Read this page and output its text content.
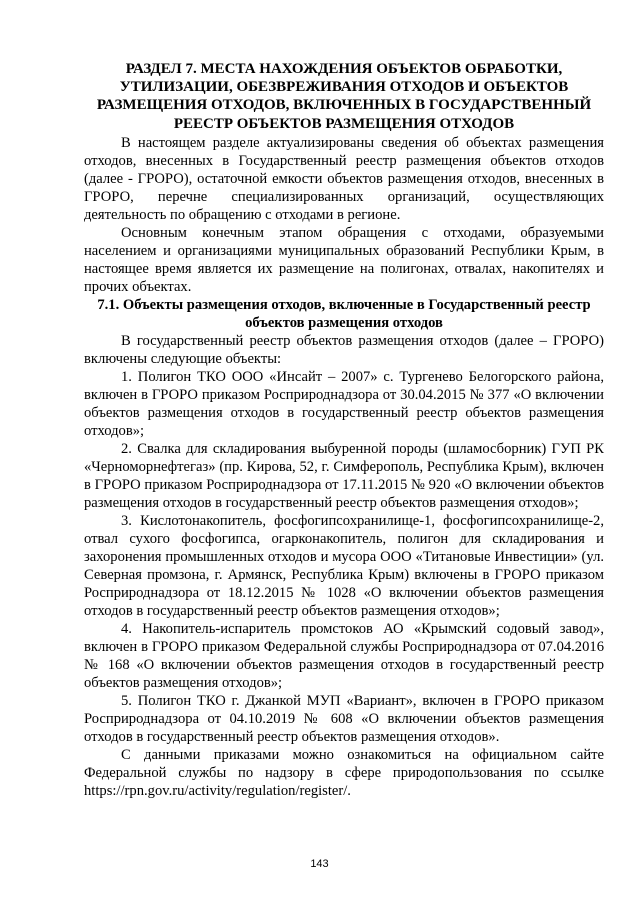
РАЗДЕЛ 7. МЕСТА НАХОЖДЕНИЯ ОБЪЕКТОВ ОБРАБОТКИ, УТИЛИЗАЦИИ, ОБЕЗВРЕЖИВАНИЯ ОТХОДОВ И ОБЪЕКТОВ РАЗМЕЩЕНИЯ ОТХОДОВ, ВКЛЮЧЕННЫХ В ГОСУДАРСТВЕННЫЙ РЕЕСТР ОБЪЕКТОВ РАЗМЕЩЕНИЯ ОТХОДОВ

В настоящем разделе актуализированы сведения об объектах размещения отходов, внесенных в Государственный реестр размещения объектов отходов (далее - ГРОРО), остаточной емкости объектов размещения отходов, внесенных в ГРОРО, перечне специализированных организаций, осуществляющих деятельность по обращению с отходами в регионе.

Основным конечным этапом обращения с отходами, образуемыми населением и организациями муниципальных образований Республики Крым, в настоящее время является их размещение на полигонах, отвалах, накопителях и прочих объектах.

7.1. Объекты размещения отходов, включенные в Государственный реестр объектов размещения отходов

В государственный реестр объектов размещения отходов (далее – ГРОРО) включены следующие объекты:

1. Полигон ТКО ООО «Инсайт – 2007» с. Тургенево Белогорского района, включен в ГРОРО приказом Росприроднадзора от 30.04.2015 № 377 «О включении объектов размещения отходов в государственный реестр объектов размещения отходов»;

2. Свалка для складирования выбуренной породы (шламосборник) ГУП РК «Черноморнефтегаз» (пр. Кирова, 52, г. Симферополь, Республика Крым), включен в ГРОРО приказом Росприроднадзора от 17.11.2015 № 920 «О включении объектов размещения отходов в государственный реестр объектов размещения отходов»;

3. Кислотонакопитель, фосфогипсохранилище-1, фосфогипсохранилище-2, отвал сухого фосфогипса, огарконакопитель, полигон для складирования и захоронения промышленных отходов и мусора ООО «Титановые Инвестиции» (ул. Северная промзона, г. Армянск, Республика Крым) включены в ГРОРО приказом Росприроднадзора от 18.12.2015 № 1028 «О включении объектов размещения отходов в государственный реестр объектов размещения отходов»;

4. Накопитель-испаритель промстоков АО «Крымский содовый завод», включен в ГРОРО приказом Федеральной службы Росприроднадзора от 07.04.2016 № 168 «О включении объектов размещения отходов в государственный реестр объектов размещения отходов»;

5. Полигон ТКО г. Джанкой МУП «Вариант», включен в ГРОРО приказом Росприроднадзора от 04.10.2019 № 608 «О включении объектов размещения отходов в государственный реестр объектов размещения отходов».

С данными приказами можно ознакомиться на официальном сайте Федеральной службы по надзору в сфере природопользования по ссылке https://rpn.gov.ru/activity/regulation/register/.

143
